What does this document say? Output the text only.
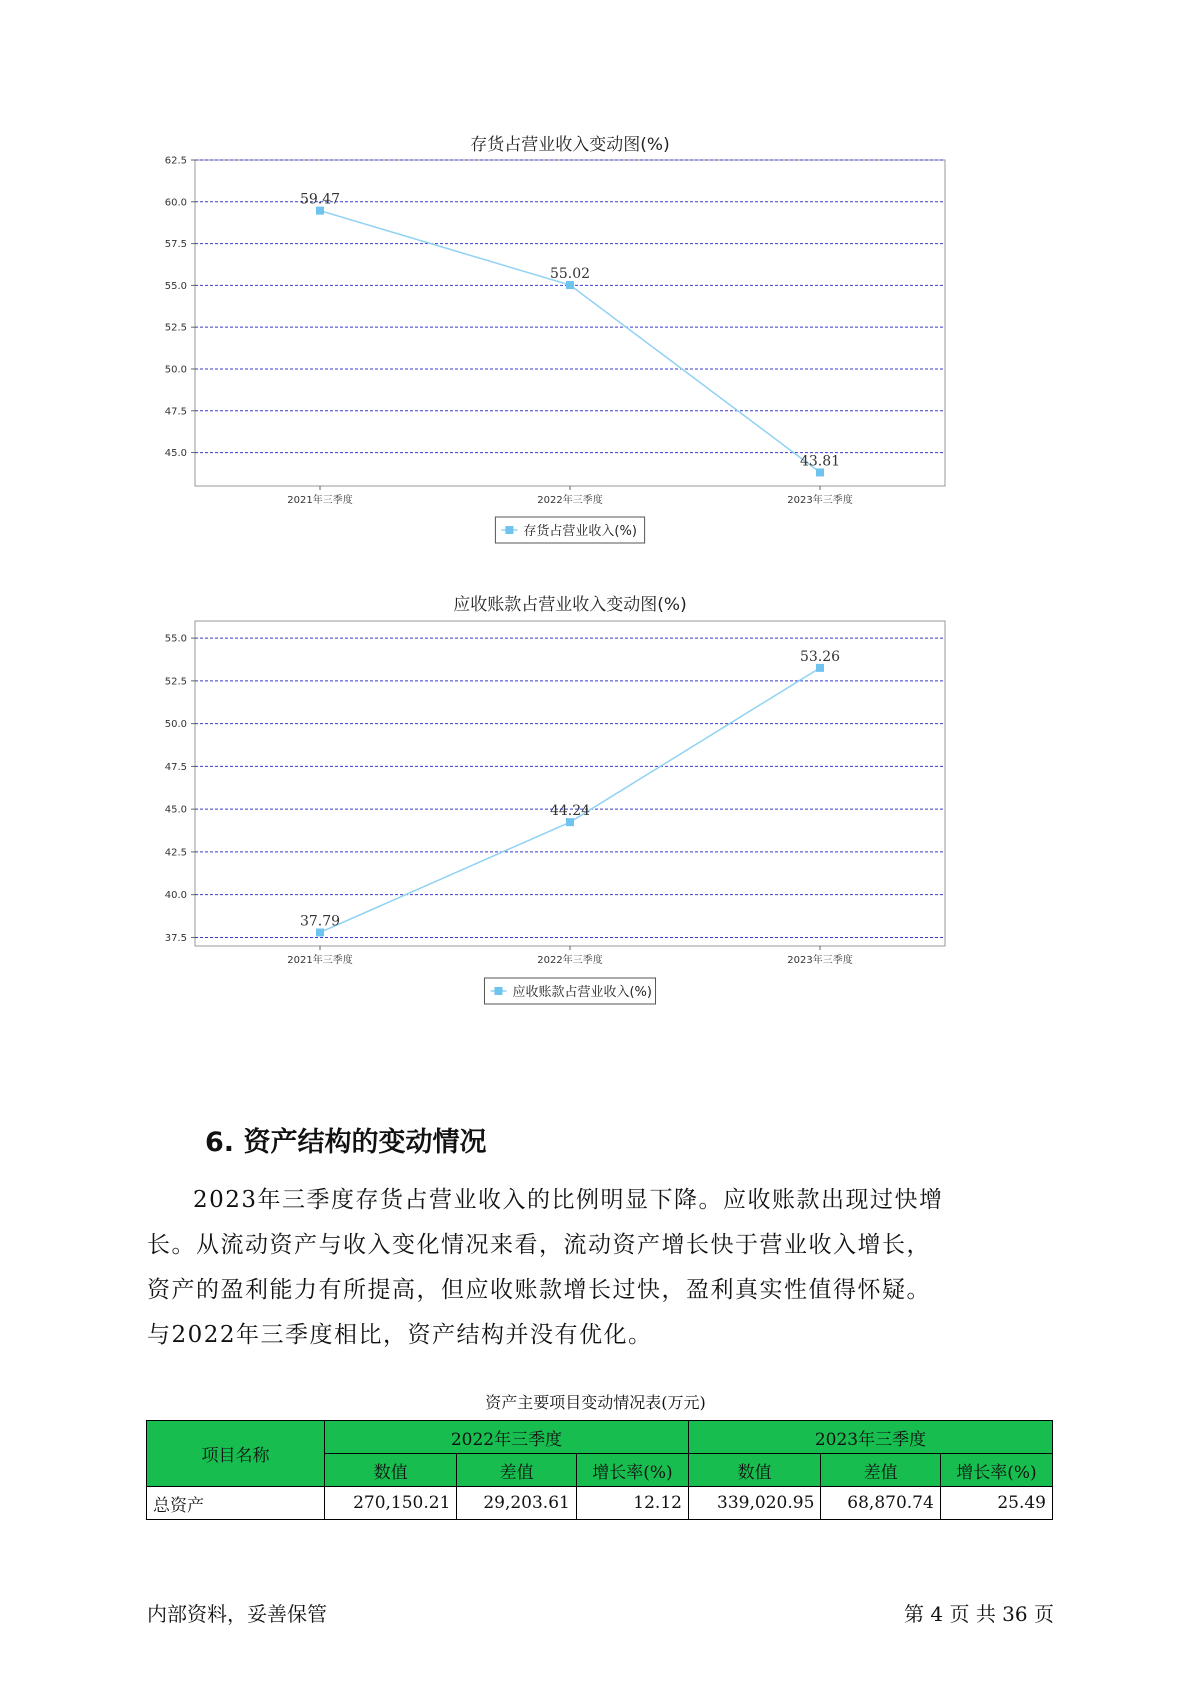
存货占营业收入变动图(%)
45.0
47.5
50.0
52.5
55.0
57.5
60.0
62.5
2021年三季度	2022年三季度	2023年三季度
59.47
55.02
43.81
存货占营业收入(%)
应收账款占营业收入变动图(%)
37.5
40.0
42.5
45.0
47.5
50.0
52.5
55.0
2021年三季度	2022年三季度	2023年三季度
37.79
44.24
53.26
应收账款占营业收入(%)
6. 资产结构的变动情况
2023年三季度存货占营业收入的比例明显下降。应收账款出现过快增
长。从流动资产与收入变化情况来看，流动资产增长快于营业收入增长，
资产的盈利能力有所提高，但应收账款增长过快，盈利真实性值得怀疑。
与2022年三季度相比，资产结构并没有优化。
资产主要项目变动情况表(万元)
项目名称	2022年三季度			2023年三季度		
	数值	差值	增长率(%)	数值	差值	增长率(%)
总资产	270,150.21	29,203.61	12.12	339,020.95	68,870.74	25.49
内部资料，妥善保管	第 4 页 共 36 页
